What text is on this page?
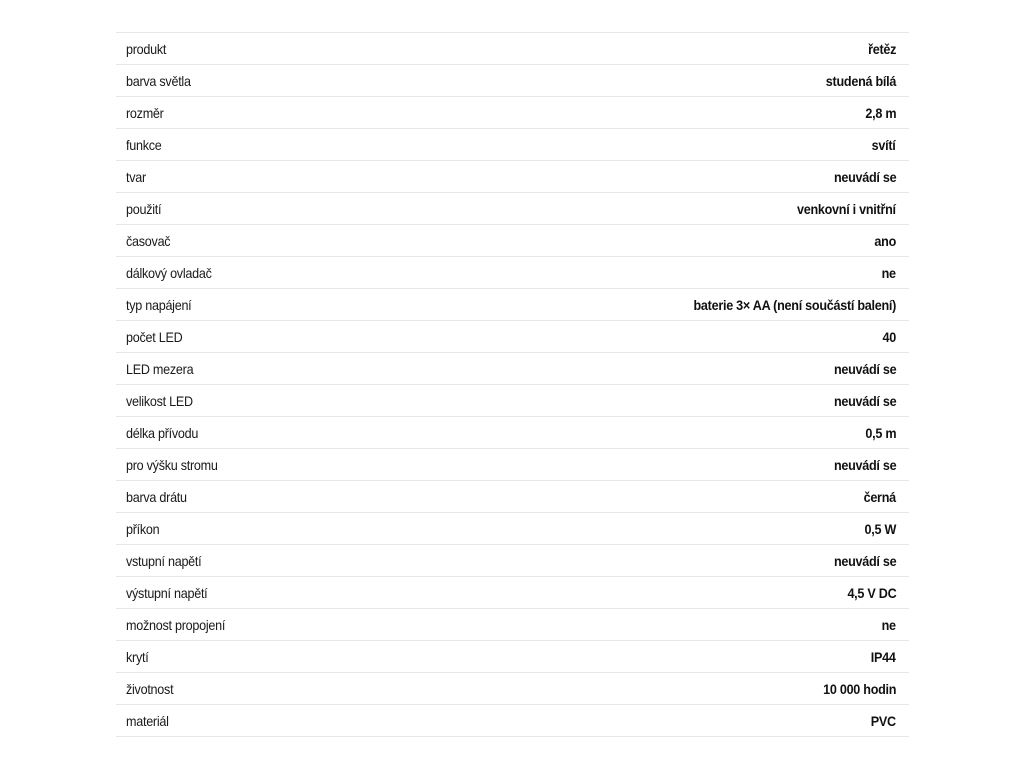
produkt	řetěz
barva světla	studená bílá
rozměr	2,8 m
funkce	svítí
tvar	neuvádí se
použití	venkovní i vnitřní
časovač	ano
dálkový ovladač	ne
typ napájení	baterie 3× AA (není součástí balení)
počet LED	40
LED mezera	neuvádí se
velikost LED	neuvádí se
délka přívodu	0,5 m
pro výšku stromu	neuvádí se
barva drátu	černá
příkon	0,5 W
vstupní napětí	neuvádí se
výstupní napětí	4,5 V DC
možnost propojení	ne
krytí	IP44
životnost	10 000 hodin
materiál	PVC
